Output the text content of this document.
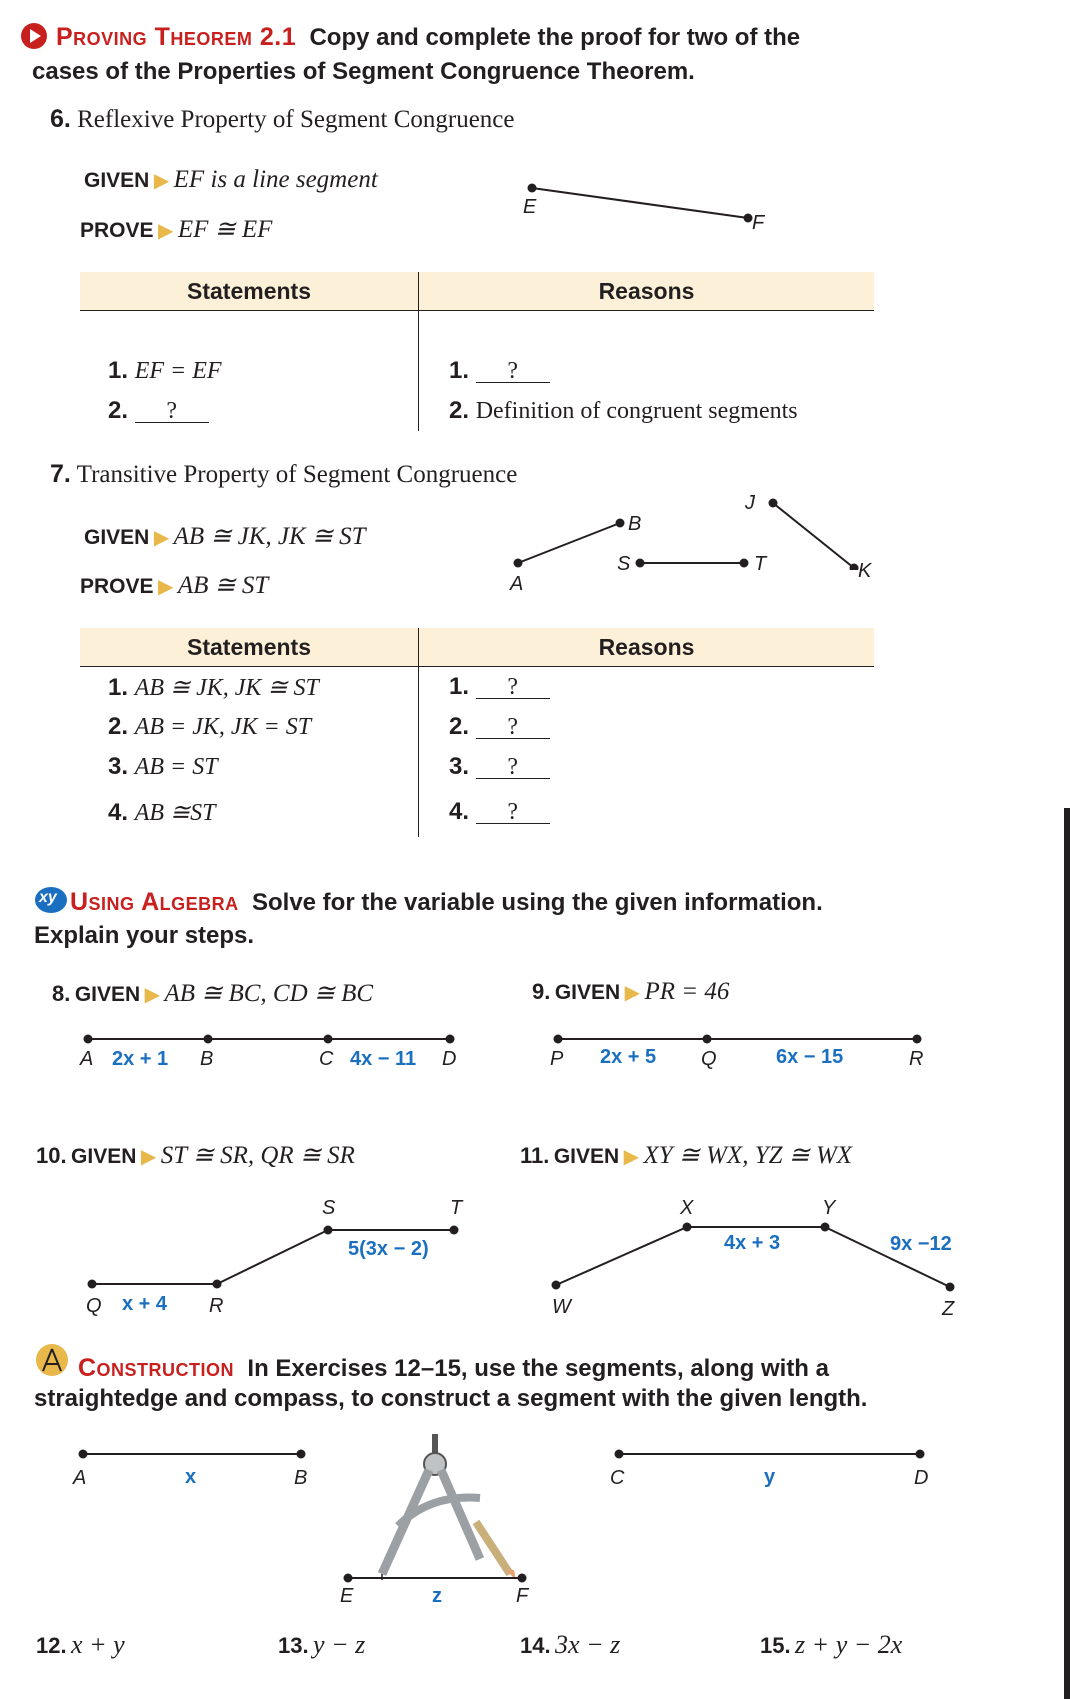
Proving Theorem 2.1 Copy and complete the proof for two of the
cases of the Properties of Segment Congruence Theorem.
6. Reflexive Property of Segment Congruence
GIVEN ▶ EF is a line segment
PROVE ▶ EF ≅ EF
E
F
Statements	Reasons

1. EF = EF	1. ?
2. ?	2. Definition of congruent segments
7. Transitive Property of Segment Congruence
GIVEN ▶ AB ≅ JK, JK ≅ ST
PROVE ▶ AB ≅ ST	A
B
S	T
J
K
Statements	Reasons
1. AB ≅ JK, JK ≅ ST	1. ?
2. AB = JK, JK = ST	2. ?
3. AB = ST	3. ?
4. AB ≅ST	4. ?
xy Using Algebra Solve for the variable using the given information.
Explain your steps.
8. GIVEN ▶ AB ≅ BC, CD ≅ BC
A 2x + 1 B	C 4x − 11 D
9. GIVEN ▶ PR = 46
P 2x + 5 Q	6x − 15	R
10. GIVEN ▶ ST ≅ SR, QR ≅ SR
S	T
5(3x − 2)
Q x + 4 R
11. GIVEN ▶ XY ≅ WX, YZ ≅ WX
X	Y
4x + 3	9x −12
W	Z
Construction In Exercises 12–15, use the segments, along with a
straightedge and compass, to construct a segment with the given length.
A	x	B	C	y	D
E	z	F
12. x + y	13. y − z	14. 3x − z	15. z + y − 2x
